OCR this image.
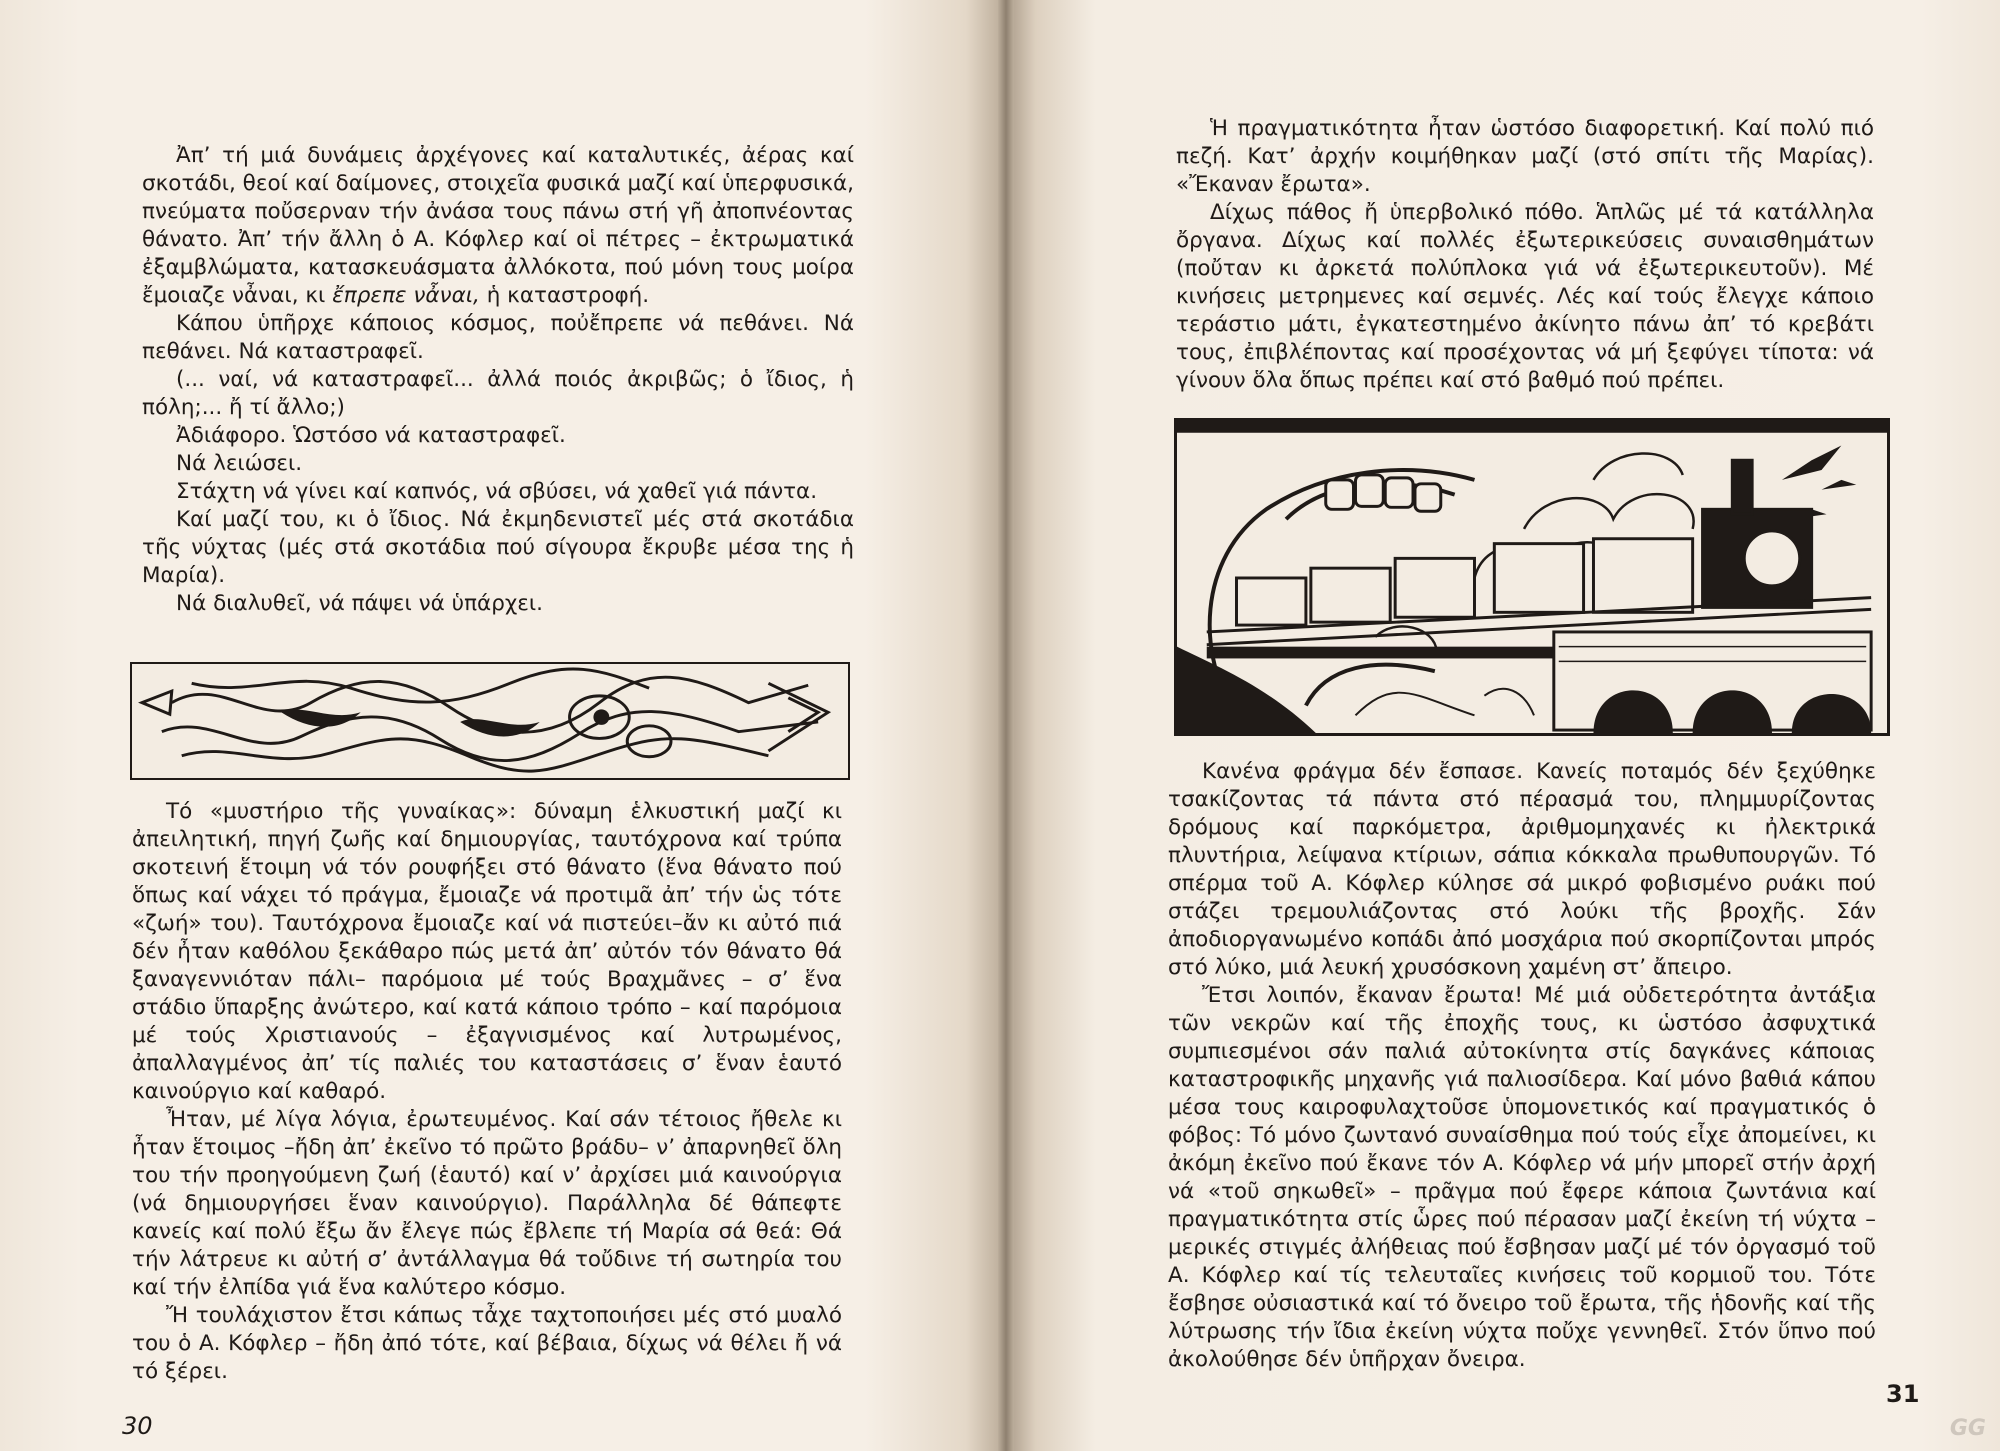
Ἀπ’ τή μιά δυνάμεις ἀρχέγονες καί καταλυτικές, ἀέρας καί σκοτάδι, θεοί καί δαίμονες, στοιχεῖα φυσικά μαζί καί ὑπερφυσικά, πνεύματα ποὔσερναν τήν ἀνάσα τους πάνω στή γῆ ἀποπνέοντας θάνατο. Ἀπ’ τήν ἄλλη ὁ Α. Κόφλερ καί οἱ πέτρες – ἐκτρωματικά ἐξαμβλώματα, κατασκευάσματα ἀλλόκοτα, πού μόνη τους μοίρα ἔμοιαζε νἆναι, κι ἔπρεπε νἆναι, ἡ καταστροφή.

Κάπου ὑπῆρχε κάποιος κόσμος, ποὐἔπρεπε νά πεθάνει. Νά πεθάνει. Νά καταστραφεῖ.

(... ναί, νά καταστραφεῖ... ἀλλά ποιός ἀκριβῶς; ὁ ἴδιος, ἡ πόλη;... ἤ τί ἄλλο;)

Ἀδιάφορο. Ὡστόσο νά καταστραφεῖ.

Νά λειώσει.

Στάχτη νά γίνει καί καπνός, νά σβύσει, νά χαθεῖ γιά πάντα.

Καί μαζί του, κι ὁ ἴδιος. Νά ἐκμηδενιστεῖ μές στά σκοτάδια τῆς νύχτας (μές στά σκοτάδια πού σίγουρα ἔκρυβε μέσα της ἡ Μαρία).

Νά διαλυθεῖ, νά πάψει νά ὑπάρχει.

Τό «μυστήριο τῆς γυναίκας»: δύναμη ἑλκυστική μαζί κι ἀπειλητική, πηγή ζωῆς καί δημιουργίας, ταυτόχρονα καί τρύπα σκοτεινή ἕτοιμη νά τόν ρουφήξει στό θάνατο (ἕνα θάνατο πού ὅπως καί νάχει τό πράγμα, ἔμοιαζε νά προτιμᾶ ἀπ’ τήν ὡς τότε «ζωή» του). Ταυτόχρονα ἔμοιαζε καί νά πιστεύει–ἄν κι αὐτό πιά δέν ἦταν καθόλου ξεκάθαρο πώς μετά ἀπ’ αὐτόν τόν θάνατο θά ξαναγεννιόταν πάλι– παρόμοια μέ τούς Βραχμᾶνες – σ’ ἕνα στάδιο ὕπαρξης ἀνώτερο, καί κατά κάποιο τρόπο – καί παρόμοια μέ τούς Χριστιανούς – ἐξαγνισμένος καί λυτρωμένος, ἀπαλλαγμένος ἀπ’ τίς παλιές του καταστάσεις σ’ ἕναν ἑαυτό καινούργιο καί καθαρό.

Ἦταν, μέ λίγα λόγια, ἐρωτευμένος. Καί σάν τέτοιος ἤθελε κι ἦταν ἕτοιμος –ἤδη ἀπ’ ἐκεῖνο τό πρῶτο βράδυ– ν’ ἀπαρνηθεῖ ὅλη του τήν προηγούμενη ζωή (ἑαυτό) καί ν’ ἀρχίσει μιά καινούργια (νά δημιουργήσει ἕναν καινούργιο). Παράλληλα δέ θάπεφτε κανείς καί πολύ ἔξω ἄν ἔλεγε πώς ἔβλεπε τή Μαρία σά θεά: Θά τήν λάτρευε κι αὐτή σ’ ἀντάλλαγμα θά τοὔδινε τή σωτηρία του καί τήν ἐλπίδα γιά ἕνα καλύτερο κόσμο.

Ἤ τουλάχιστον ἔτσι κάπως τἆχε ταχτοποιήσει μές στό μυαλό του ὁ Α. Κόφλερ – ἤδη ἀπό τότε, καί βέβαια, δίχως νά θέλει ἤ νά τό ξέρει.

30

Ἡ πραγματικότητα ἦταν ὡστόσο διαφορετική. Καί πολύ πιό πεζή. Κατ’ ἀρχήν κοιμήθηκαν μαζί (στό σπίτι τῆς Μαρίας). «Ἔκαναν ἔρωτα».

Δίχως πάθος ἤ ὑπερβολικό πόθο. Ἁπλῶς μέ τά κατάλληλα ὄργανα. Δίχως καί πολλές ἐξωτερικεύσεις συναισθημάτων (ποὔταν κι ἀρκετά πολύπλοκα γιά νά ἐξωτερικευτοῦν). Μέ κινήσεις μετρημενες καί σεμνές. Λές καί τούς ἔλεγχε κάποιο τεράστιο μάτι, ἐγκατεστημένο ἀκίνητο πάνω ἀπ’ τό κρεβάτι τους, ἐπιβλέποντας καί προσέχοντας νά μή ξεφύγει τίποτα: νά γίνουν ὅλα ὅπως πρέπει καί στό βαθμό πού πρέπει.

Κανένα φράγμα δέν ἔσπασε. Κανείς ποταμός δέν ξεχύθηκε τσακίζοντας τά πάντα στό πέρασμά του, πλημμυρίζοντας δρόμους καί παρκόμετρα, ἀριθμομηχανές κι ἠλεκτρικά πλυντήρια, λείψανα κτίριων, σάπια κόκκαλα πρωθυπουργῶν. Τό σπέρμα τοῦ Α. Κόφλερ κύλησε σά μικρό φοβισμένο ρυάκι πού στάζει τρεμουλιάζοντας στό λούκι τῆς βροχῆς. Σάν ἀποδιοργανωμένο κοπάδι ἀπό μοσχάρια πού σκορπίζονται μπρός στό λύκο, μιά λευκή χρυσόσκονη χαμένη στ’ ἄπειρο.

Ἔτσι λοιπόν, ἔκαναν ἔρωτα! Μέ μιά οὐδετερότητα ἀντάξια τῶν νεκρῶν καί τῆς ἐποχῆς τους, κι ὡστόσο ἀσφυχτικά συμπιεσμένοι σάν παλιά αὐτοκίνητα στίς δαγκάνες κάποιας καταστροφικῆς μηχανῆς γιά παλιοσίδερα. Καί μόνο βαθιά κάπου μέσα τους καιροφυλαχτοῦσε ὑπομονετικός καί πραγματικός ὁ φόβος: Τό μόνο ζωντανό συναίσθημα πού τούς εἶχε ἀπομείνει, κι ἀκόμη ἐκεῖνο πού ἔκανε τόν Α. Κόφλερ νά μήν μπορεῖ στήν ἀρχή νά «τοῦ σηκωθεῖ» – πρᾶγμα πού ἔφερε κάποια ζωντάνια καί πραγματικότητα στίς ὧρες πού πέρασαν μαζί ἐκείνη τή νύχτα – μερικές στιγμές ἀλήθειας πού ἔσβησαν μαζί μέ τόν ὀργασμό τοῦ Α. Κόφλερ καί τίς τελευταῖες κινήσεις τοῦ κορμιοῦ του. Τότε ἔσβησε οὐσιαστικά καί τό ὄνειρο τοῦ ἔρωτα, τῆς ἡδονῆς καί τῆς λύτρωσης τήν ἴδια ἐκείνη νύχτα ποὔχε γεννηθεῖ. Στόν ὕπνο πού ἀκολούθησε δέν ὑπῆρχαν ὄνειρα.

31
GG
